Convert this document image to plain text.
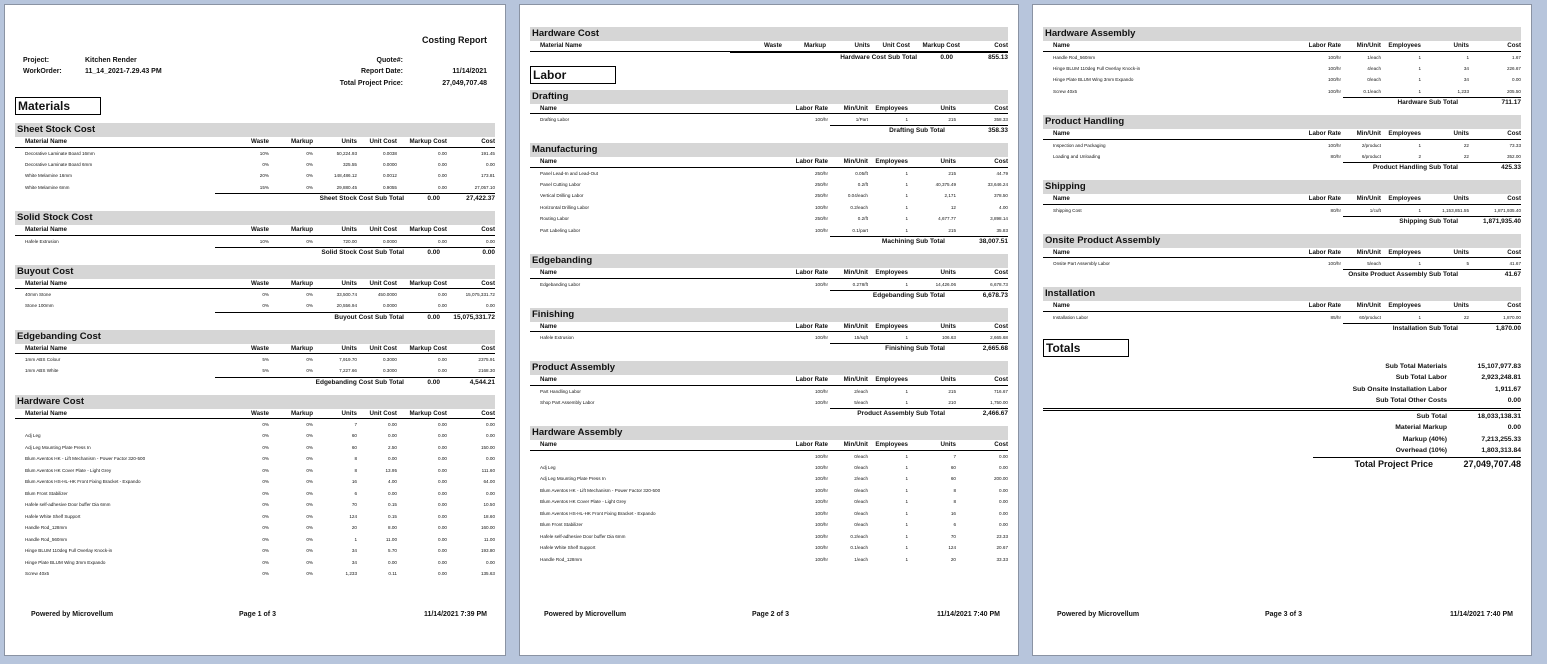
Costing Report
Project:	Kitchen Render
WorkOrder:	11_14_2021-7.29.43 PM
Quote#:
Report Date:	11/14/2021
Total Project Price:	27,049,707.48
Materials
Sheet Stock Cost
Material Name	Waste	Markup	Units	Unit Cost	Markup Cost	Cost
Decorative Laminate Board 16mm	10%	0%	50,224.93	0.0038	0.00	191.45
Decorative Laminate Board 6mm	0%	0%	325.55	0.0000	0.00	0.00
White Melamine 16mm	20%	0%	148,486.12	0.0012	0.00	173.81
White Melamine 6mm	15%	0%	29,880.45	0.9055	0.00	27,057.10
Sheet Stock Cost Sub Total	0.00	27,422.37
Solid Stock Cost
Material Name	Waste	Markup	Units	Unit Cost	Markup Cost	Cost
Hafele Extrusion	10%	0%	720.00	0.0000	0.00	0.00
Solid Stock Cost Sub Total	0.00	0.00
Buyout Cost
Material Name	Waste	Markup	Units	Unit Cost	Markup Cost	Cost
40mm Stone	0%	0%	33,500.74	450.0000	0.00	15,075,331.72
Stone 100mm	0%	0%	20,556.94	0.0000	0.00	0.00
Buyout Cost Sub Total	0.00	15,075,331.72
Edgebanding Cost
Material Name	Waste	Markup	Units	Unit Cost	Markup Cost	Cost
1mm ABS Colour	5%	0%	7,919.70	0.3000	0.00	2375.91
1mm ABS White	5%	0%	7,227.66	0.3000	0.00	2168.30
Edgebanding Cost Sub Total	0.00	4,544.21
Hardware Cost
Material Name	Waste	Markup	Units	Unit Cost	Markup Cost	Cost
	0%	0%	7	0.00	0.00	0.00
Adj Leg	0%	0%	60	0.00	0.00	0.00
Adj Leg Mounting Plate Press In	0%	0%	60	2.50	0.00	150.00
Blum Aventos HK - Lift Mechanism - Power Factor 320-500	0%	0%	8	0.00	0.00	0.00
Blum Aventos HK Cover Plate - Light Grey	0%	0%	8	13.95	0.00	111.60
Blum Aventos HS-HL-HK Front Fixing Bracket - Expando	0%	0%	16	4.00	0.00	64.00
Blum Front Stabilizer	0%	0%	6	0.00	0.00	0.00
Hafele self-adhesive Door buffer Dia 6mm	0%	0%	70	0.15	0.00	10.50
Hafele White Shelf Support	0%	0%	124	0.15	0.00	18.60
Handle Rod_128mm	0%	0%	20	8.00	0.00	160.00
Handle Rod_560mm	0%	0%	1	11.00	0.00	11.00
Hinge BLUM 110deg Full Overlay Knock-in	0%	0%	34	5.70	0.00	193.80
Hinge Plate BLUM Wing 3mm Expando	0%	0%	34	0.00	0.00	0.00
Screw 40x5	0%	0%	1,233	0.11	0.00	135.63
Powered by Microvellum	Page 1 of 3	11/14/2021 7:39 PM
Hardware Cost
Material Name	Waste	Markup	Units	Unit Cost	Markup Cost	Cost
Hardware Cost Sub Total	0.00	855.13
Labor
Drafting
Name	Labor Rate	Min/Unit	Employees	Units	Cost
Drafting Labor	100/hr	1/Part	1	215	358.33
Drafting Sub Total	358.33
Manufacturing
Name	Labor Rate	Min/Unit	Employees	Units	Cost
Panel Lead-In and Lead-Out	250/hr	0.05/ft	1	215	44.79
Panel Cutting Labor	250/hr	0.2/ft	1	40,375.49	33,646.24
Vertical Drilling Labor	250/hr	0.04/each	1	2,171	378.50
Horizontal Drilling Labor	100/hr	0.2/each	1	12	4.00
Routing Labor	250/hr	0.2/ft	1	4,677.77	3,898.14
Part Labeling Labor	100/hr	0.1/part	1	215	35.83
Machining Sub Total	38,007.51
Edgebanding
Name	Labor Rate	Min/Unit	Employees	Units	Cost
Edgebanding Labor	100/hr	0.278/ft	1	14,426.06	6,678.73
Edgebanding Sub Total	6,678.73
Finishing
Name	Labor Rate	Min/Unit	Employees	Units	Cost
Hafele Extrusion	100/hr	15/sqft	1	106.63	2,665.68
Finishing Sub Total	2,665.68
Product Assembly
Name	Labor Rate	Min/Unit	Employees	Units	Cost
Part Handling Labor	100/hr	2/each	1	215	716.67
Shop Part Assembly Labor	100/hr	5/each	1	210	1,750.00
Product Assembly Sub Total	2,466.67
Hardware Assembly
Name	Labor Rate	Min/Unit	Employees	Units	Cost
	100/hr	0/each	1	7	0.00
Adj Leg	100/hr	0/each	1	60	0.00
Adj Leg Mounting Plate Press In	100/hr	2/each	1	60	200.00
Blum Aventos HK - Lift Mechanism - Power Factor 320-500	100/hr	0/each	1	8	0.00
Blum Aventos HK Cover Plate - Light Grey	100/hr	0/each	1	8	0.00
Blum Aventos HS-HL-HK Front Fixing Bracket - Expando	100/hr	0/each	1	16	0.00
Blum Front Stabilizer	100/hr	0/each	1	6	0.00
Hafele self-adhesive Door buffer Dia 6mm	100/hr	0.2/each	1	70	23.33
Hafele White Shelf Support	100/hr	0.1/each	1	124	20.67
Handle Rod_128mm	100/hr	1/each	1	20	33.33
Powered by Microvellum	Page 2 of 3	11/14/2021 7:40 PM
Hardware Assembly
Name	Labor Rate	Min/Unit	Employees	Units	Cost
Handle Rod_560mm	100/hr	1/each	1	1	1.67
Hinge BLUM 110deg Full Overlay Knock-in	100/hr	4/each	1	34	226.67
Hinge Plate BLUM Wing 3mm Expando	100/hr	0/each	1	34	0.00
Screw 40x5	100/hr	0.1/each	1	1,233	205.50
Hardware Sub Total	711.17
Product Handling
Name	Labor Rate	Min/Unit	Employees	Units	Cost
Inspection and Packaging	100/hr	2/product	1	22	73.33
Loading and Unloading	80/hr	6/product	2	22	352.00
Product Handling Sub Total	425.33
Shipping
Name	Labor Rate	Min/Unit	Employees	Units	Cost
Shipping Cost	80/hr	1/cuft	1	1,153,851.55	1,871,935.40
Shipping Sub Total	1,871,935.40
Onsite Product Assembly
Name	Labor Rate	Min/Unit	Employees	Units	Cost
Onsite Part Assembly Labor	100/hr	5/each	1	5	41.67
Onsite Product Assembly Sub Total	41.67
Installation
Name	Labor Rate	Min/Unit	Employees	Units	Cost
Installation Labor	85/hr	60/product	1	22	1,870.00
Installation Sub Total	1,870.00
Totals
Sub Total Materials	15,107,977.83
Sub Total Labor	2,923,248.81
Sub Onsite Installation Labor	1,911.67
Sub Total Other Costs	0.00
Sub Total	18,033,138.31
Material Markup	0.00
Markup (40%)	7,213,255.33
Overhead (10%)	1,803,313.84
Total Project Price	27,049,707.48
Powered by Microvellum	Page 3 of 3	11/14/2021 7:40 PM
